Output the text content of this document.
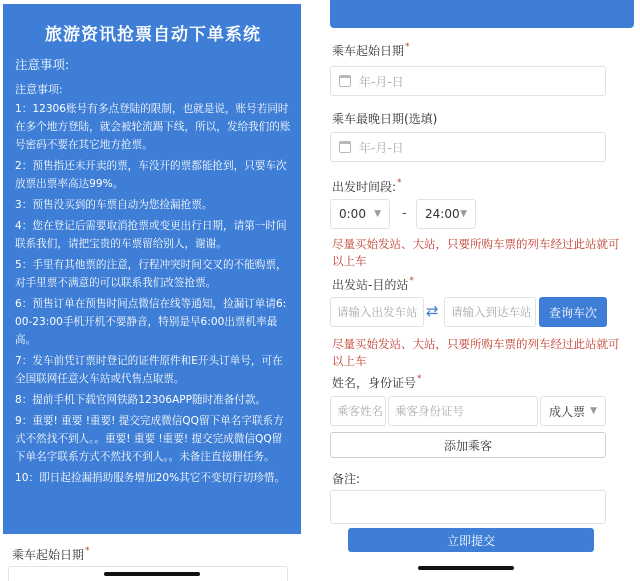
旅游资讯抢票自动下单系统
注意事项:
注意事项:
1：12306账号有多点登陆的限制，也就是说，账号若同时在多个地方登陆，就会被轮流踢下线，所以，发给我们的账号密码不要在其它地方抢票。
2：预售指还未开卖的票，车没开的票都能抢到，只要车次放票出票率高达99%。
3：预售没买到的车票自动为您捡漏抢票。
4：您在登记后需要取消抢票或变更出行日期，请第一时间联系我们，请把宝贵的车票留给别人，谢谢。
5：手里有其他票的注意，行程冲突时间交叉的不能购票，对手里票不满意的可以联系我们改签抢票。
6：预售订单在预售时间点微信在线等通知，捡漏订单请6:00-23:00手机开机不要静音，特别是早6:00出票机率最高。
7：发车前凭订票时登记的证件原件和E开头订单号，可在全国联网任意火车站或代售点取票。
8：提前手机下载官网铁路12306APP随时准备付款。
9：重要! 重要 !重要! 提交完成微信QQ留下单名字联系方式不然找不到人。。重要! 重要 !重要! 提交完成微信QQ留下单名字联系方式不然找不到人。。未备注直接删任务。
10：即日起捡漏捐助服务增加20%其它不变切行切珍惜。
乘车起始日期*
乘车起始日期*
年-月-日
乘车最晚日期(选填)
年-月-日
出发时间段:*
0:00 ▼ - 24:00 ▼
尽量买始发站、大站，只要所购车票的列车经过此站就可以上车
出发站-目的站*
请输入出发车站 ⇄ 请输入到达车站	查询车次
尽量买始发站、大站，只要所购车票的列车经过此站就可以上车
姓名，身份证号*
乘客姓名 乘客身份证号	成人票 ▼
添加乘客
备注:
立即提交
